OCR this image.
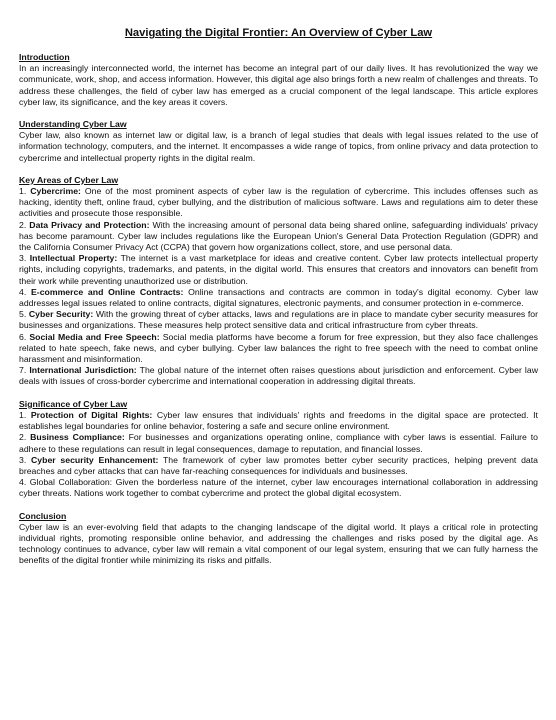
Navigating the Digital Frontier: An Overview of Cyber Law
Introduction

In an increasingly interconnected world, the internet has become an integral part of our daily lives. It has revolutionized the way we communicate, work, shop, and access information. However, this digital age also brings forth a new realm of challenges and threats. To address these challenges, the field of cyber law has emerged as a crucial component of the legal landscape. This article explores cyber law, its significance, and the key areas it covers.

Understanding Cyber Law

Cyber law, also known as internet law or digital law, is a branch of legal studies that deals with legal issues related to the use of information technology, computers, and the internet. It encompasses a wide range of topics, from online privacy and data protection to cybercrime and intellectual property rights in the digital realm.

Key Areas of Cyber Law
1. Cybercrime: One of the most prominent aspects of cyber law is the regulation of cybercrime. This includes offenses such as hacking, identity theft, online fraud, cyber bullying, and the distribution of malicious software. Laws and regulations aim to deter these activities and prosecute those responsible.
2. Data Privacy and Protection: With the increasing amount of personal data being shared online, safeguarding individuals' privacy has become paramount. Cyber law includes regulations like the European Union's General Data Protection Regulation (GDPR) and the California Consumer Privacy Act (CCPA) that govern how organizations collect, store, and use personal data.
3. Intellectual Property: The internet is a vast marketplace for ideas and creative content. Cyber law protects intellectual property rights, including copyrights, trademarks, and patents, in the digital world. This ensures that creators and innovators can benefit from their work while preventing unauthorized use or distribution.
4. E-commerce and Online Contracts: Online transactions and contracts are common in today's digital economy. Cyber law addresses legal issues related to online contracts, digital signatures, electronic payments, and consumer protection in e-commerce.
5. Cyber Security: With the growing threat of cyber attacks, laws and regulations are in place to mandate cyber security measures for businesses and organizations. These measures help protect sensitive data and critical infrastructure from cyber threats.
6. Social Media and Free Speech: Social media platforms have become a forum for free expression, but they also face challenges related to hate speech, fake news, and cyber bullying. Cyber law balances the right to free speech with the need to combat online harassment and misinformation.
7. International Jurisdiction: The global nature of the internet often raises questions about jurisdiction and enforcement. Cyber law deals with issues of cross-border cybercrime and international cooperation in addressing digital threats.
Significance of Cyber Law
1. Protection of Digital Rights: Cyber law ensures that individuals' rights and freedoms in the digital space are protected. It establishes legal boundaries for online behavior, fostering a safe and secure online environment.
2. Business Compliance: For businesses and organizations operating online, compliance with cyber laws is essential. Failure to adhere to these regulations can result in legal consequences, damage to reputation, and financial losses.
3. Cyber security Enhancement: The framework of cyber law promotes better cyber security practices, helping prevent data breaches and cyber attacks that can have far-reaching consequences for individuals and businesses.
4. Global Collaboration: Given the borderless nature of the internet, cyber law encourages international collaboration in addressing cyber threats. Nations work together to combat cybercrime and protect the global digital ecosystem.
Conclusion

Cyber law is an ever-evolving field that adapts to the changing landscape of the digital world. It plays a critical role in protecting individual rights, promoting responsible online behavior, and addressing the challenges and risks posed by the digital age. As technology continues to advance, cyber law will remain a vital component of our legal system, ensuring that we can fully harness the benefits of the digital frontier while minimizing its risks and pitfalls.
